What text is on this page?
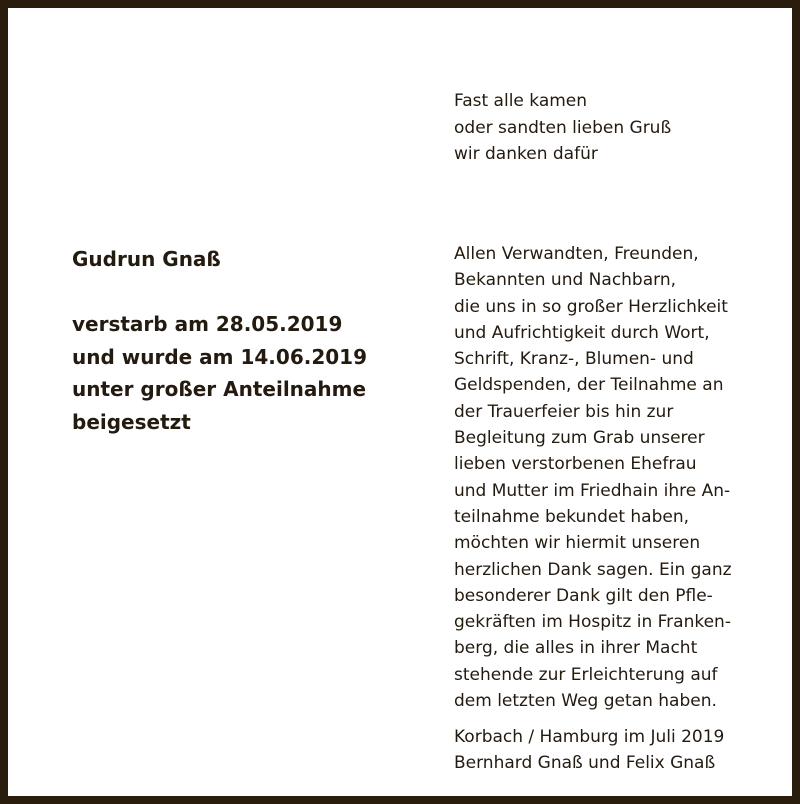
Fast alle kamen
oder sandten lieben Gruß
wir danken dafür
Gudrun Gnaß
verstarb am 28.05.2019
und wurde am 14.06.2019
unter großer Anteilnahme
beigesetzt
Allen Verwandten, Freunden,
Bekannten und Nachbarn,
die uns in so großer Herzlichkeit
und Aufrichtigkeit durch Wort,
Schrift, Kranz-, Blumen- und
Geldspenden, der Teilnahme an
der Trauerfeier bis hin zur
Begleitung zum Grab unserer
lieben verstorbenen Ehefrau
und Mutter im Friedhain ihre An-
teilnahme bekundet haben,
möchten wir hiermit unseren
herzlichen Dank sagen. Ein ganz
besonderer Dank gilt den Pfle-
gekräften im Hospitz in Franken-
berg, die alles in ihrer Macht
stehende zur Erleichterung auf
dem letzten Weg getan haben.
Korbach / Hamburg im Juli 2019
Bernhard Gnaß und Felix Gnaß
